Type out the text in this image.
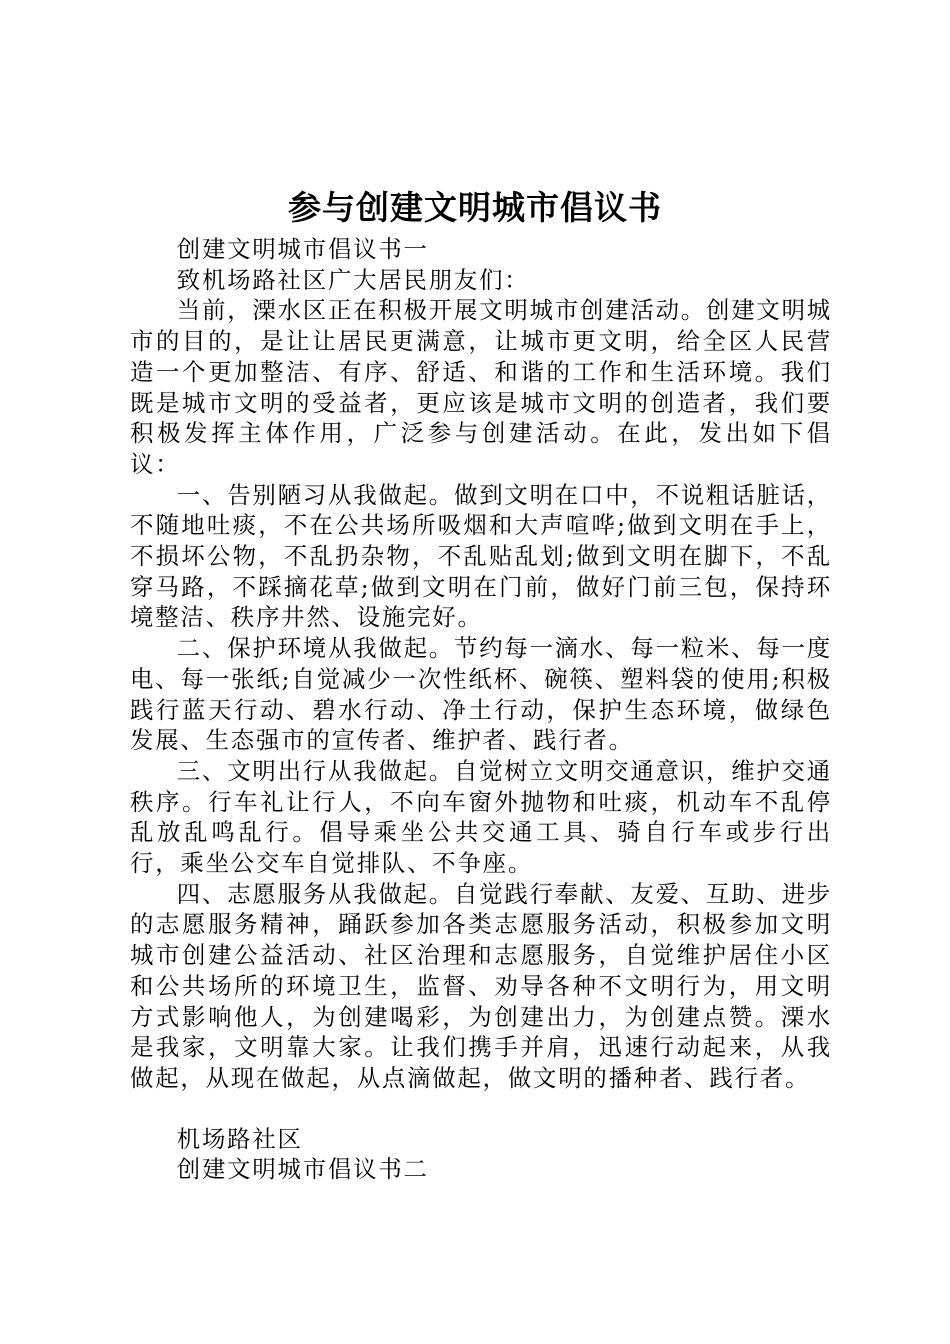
参与创建文明城市倡议书

创建文明城市倡议书一

致机场路社区广大居民朋友们：

当前，溧水区正在积极开展文明城市创建活动。创建文明城市的目的，是让让居民更满意，让城市更文明，给全区人民营造一个更加整洁、有序、舒适、和谐的工作和生活环境。我们既是城市文明的受益者，更应该是城市文明的创造者，我们要积极发挥主体作用，广泛参与创建活动。在此，发出如下倡议：

一、告别陋习从我做起。做到文明在口中，不说粗话脏话，不随地吐痰，不在公共场所吸烟和大声喧哗;做到文明在手上，不损坏公物，不乱扔杂物，不乱贴乱划;做到文明在脚下，不乱穿马路，不踩摘花草;做到文明在门前，做好门前三包，保持环境整洁、秩序井然、设施完好。

二、保护环境从我做起。节约每一滴水、每一粒米、每一度电、每一张纸;自觉减少一次性纸杯、碗筷、塑料袋的使用;积极践行蓝天行动、碧水行动、净土行动，保护生态环境，做绿色发展、生态强市的宣传者、维护者、践行者。

三、文明出行从我做起。自觉树立文明交通意识，维护交通秩序。行车礼让行人，不向车窗外抛物和吐痰，机动车不乱停乱放乱鸣乱行。倡导乘坐公共交通工具、骑自行车或步行出行，乘坐公交车自觉排队、不争座。

四、志愿服务从我做起。自觉践行奉献、友爱、互助、进步的志愿服务精神，踊跃参加各类志愿服务活动，积极参加文明城市创建公益活动、社区治理和志愿服务，自觉维护居住小区和公共场所的环境卫生，监督、劝导各种不文明行为，用文明方式影响他人，为创建喝彩，为创建出力，为创建点赞。溧水是我家，文明靠大家。让我们携手并肩，迅速行动起来，从我做起，从现在做起，从点滴做起，做文明的播种者、践行者。

机场路社区

创建文明城市倡议书二
